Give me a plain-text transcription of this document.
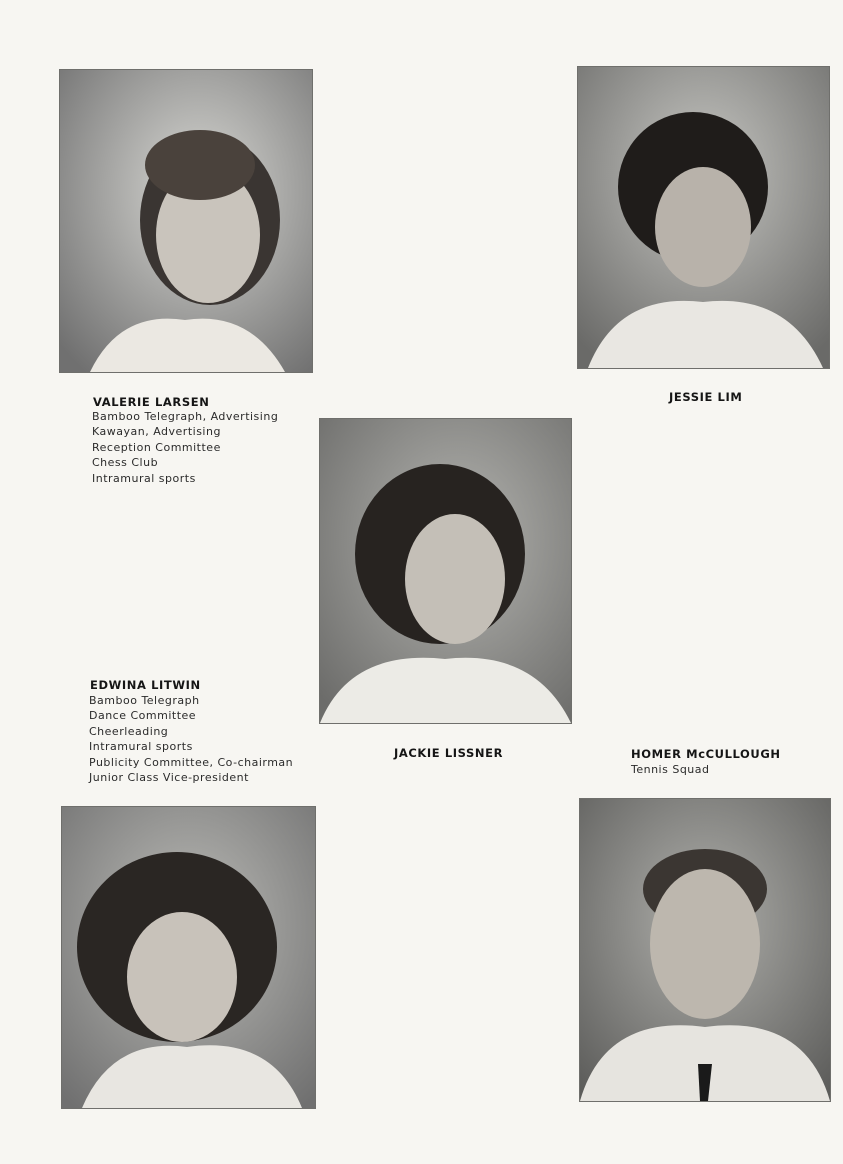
VALERIE LARSEN
Bamboo Telegraph, Advertising
Kawayan, Advertising
Reception Committee
Chess Club
Intramural sports
JESSIE LIM
EDWINA LITWIN
Bamboo Telegraph
Dance Committee
Cheerleading
Intramural sports
Publicity Committee, Co-chairman
Junior Class Vice-president
JACKIE LISSNER	HOMER McCULLOUGH
Tennis Squad
